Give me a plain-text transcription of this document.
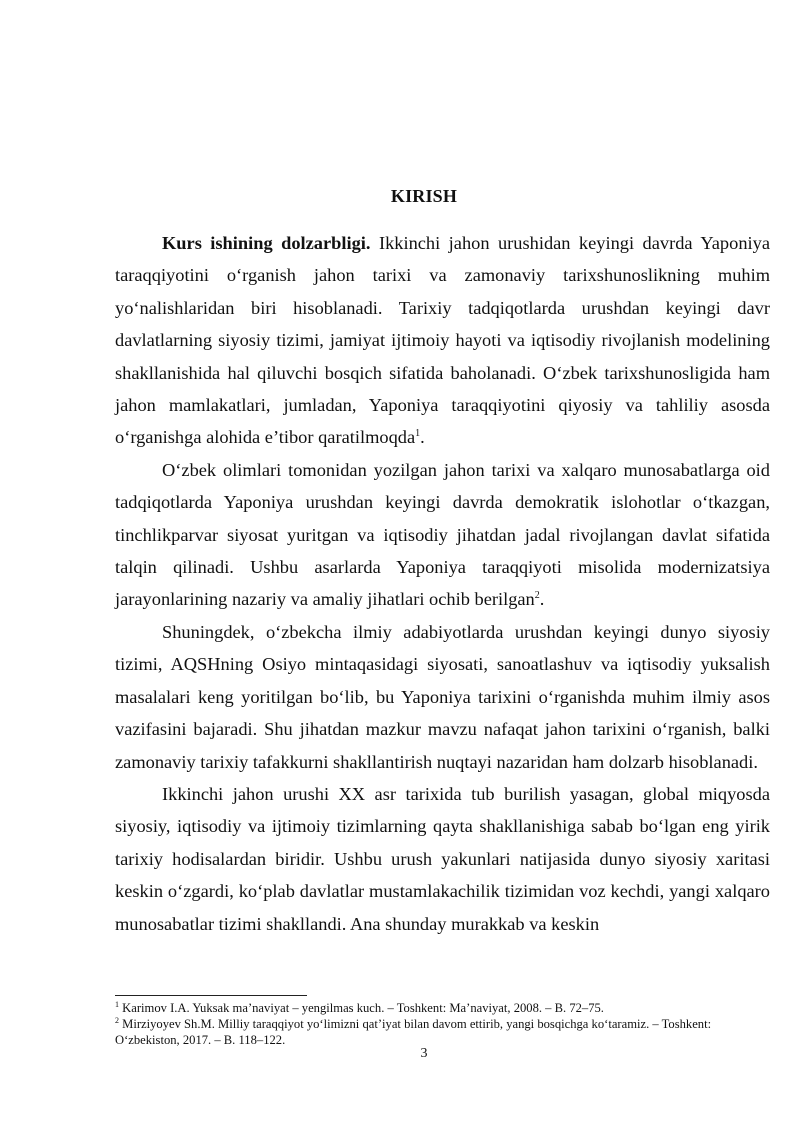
KIRISH

Kurs ishining dolzarbligi. Ikkinchi jahon urushidan keyingi davrda Yaponiya taraqqiyotini o‘rganish jahon tarixi va zamonaviy tarixshunoslikning muhim yo‘nalishlaridan biri hisoblanadi. Tarixiy tadqiqotlarda urushdan keyingi davr davlatlarning siyosiy tizimi, jamiyat ijtimoiy hayoti va iqtisodiy rivojlanish modelining shakllanishida hal qiluvchi bosqich sifatida baholanadi. O‘zbek tarixshunosligida ham jahon mamlakatlari, jumladan, Yaponiya taraqqiyotini qiyosiy va tahliliy asosda o‘rganishga alohida e’tibor qaratilmoqda$^1$.

O‘zbek olimlari tomonidan yozilgan jahon tarixi va xalqaro munosabatlarga oid tadqiqotlarda Yaponiya urushdan keyingi davrda demokratik islohotlar o‘tkazgan, tinchlikparvar siyosat yuritgan va iqtisodiy jihatdan jadal rivojlangan davlat sifatida talqin qilinadi. Ushbu asarlarda Yaponiya taraqqiyoti misolida modernizatsiya jarayonlarining nazariy va amaliy jihatlari ochib berilgan$^2$.

Shuningdek, o‘zbekcha ilmiy adabiyotlarda urushdan keyingi dunyo siyosiy tizimi, AQSHning Osiyo mintaqasidagi siyosati, sanoatlashuv va iqtisodiy yuksalish masalalari keng yoritilgan bo‘lib, bu Yaponiya tarixini o‘rganishda muhim ilmiy asos vazifasini bajaradi. Shu jihatdan mazkur mavzu nafaqat jahon tarixini o‘rganish, balki zamonaviy tarixiy tafakkurni shakllantirish nuqtayi nazaridan ham dolzarb hisoblanadi.

Ikkinchi jahon urushi XX asr tarixida tub burilish yasagan, global miqyosda siyosiy, iqtisodiy va ijtimoiy tizimlarning qayta shakllanishiga sabab bo‘lgan eng yirik tarixiy hodisalardan biridir. Ushbu urush yakunlari natijasida dunyo siyosiy xaritasi keskin o‘zgardi, ko‘plab davlatlar mustamlakachilik tizimidan voz kechdi, yangi xalqaro munosabatlar tizimi shakllandi. Ana shunday murakkab va keskin

$^1$ Karimov I.A. Yuksak ma’naviyat – yengilmas kuch. – Toshkent: Ma’naviyat, 2008. – B. 72–75.

$^2$ Mirziyoyev Sh.M. Milliy taraqqiyot yo‘limizni qat’iyat bilan davom ettirib, yangi bosqichga ko‘taramiz. – Toshkent: O‘zbekiston, 2017. – B. 118–122.

3
